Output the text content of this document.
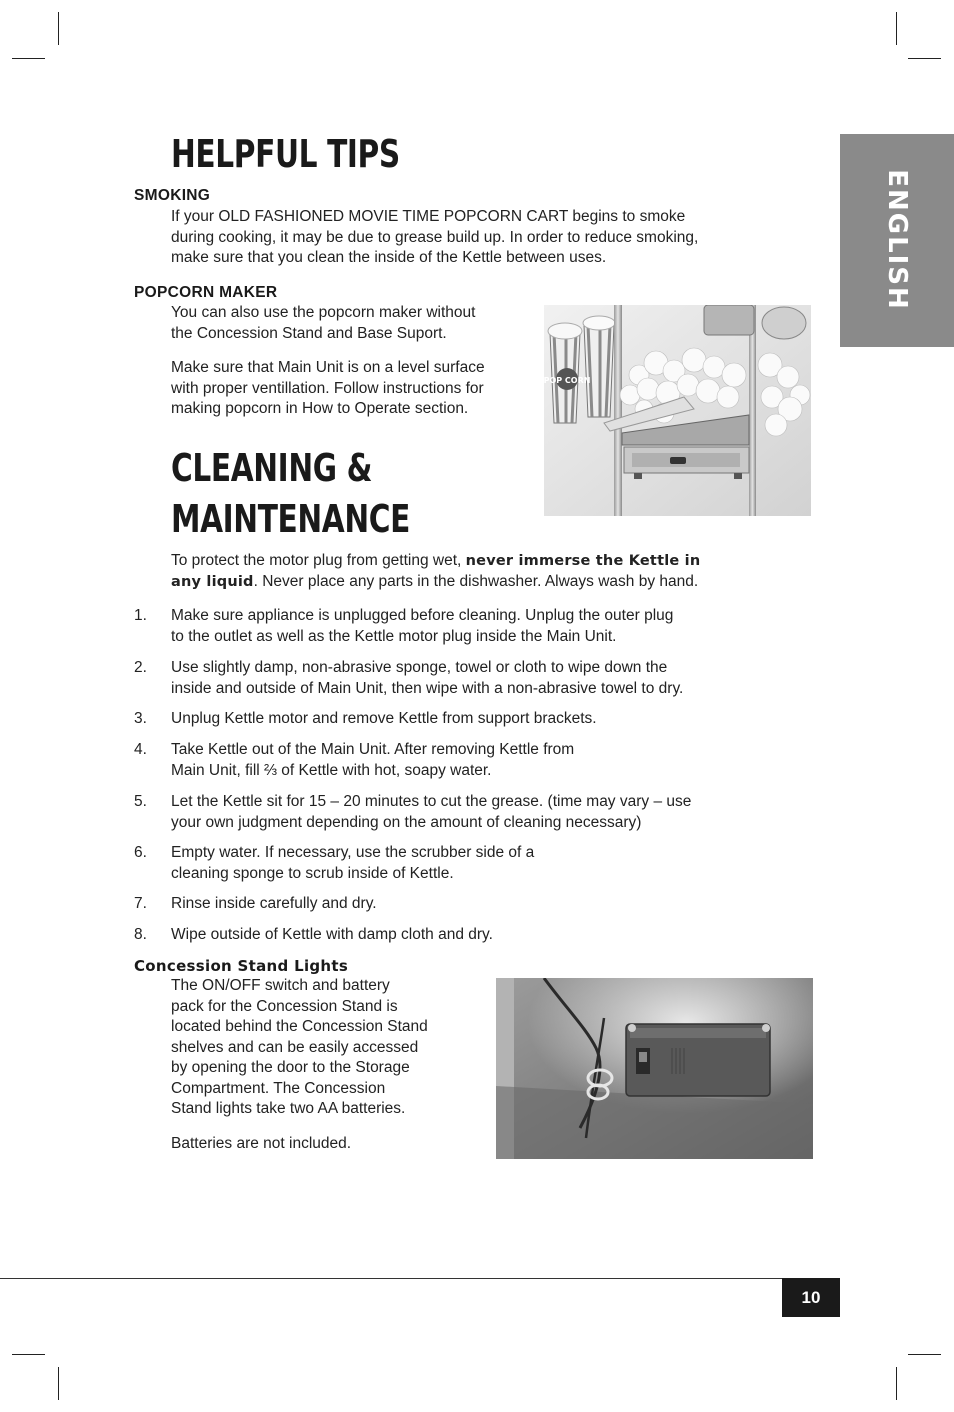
ENGLISH
HELPFUL TIPS
SMOKING
If your OLD FASHIONED MOVIE TIME POPCORN CART begins to smoke
during cooking, it may be due to grease build up. In order to reduce smoking,
make sure that you clean the inside of the Kettle between uses.
POPCORN MAKER
You can also use the popcorn maker without
the Concession Stand and Base Suport.
Make sure that Main Unit is on a level surface
with proper ventillation. Follow instructions for
making popcorn in How to Operate section.
POP CORN
CLEANING &
MAINTENANCE
To protect the motor plug from getting wet, never immerse the Kettle in
any liquid. Never place any parts in the dishwasher. Always wash by hand.
1. Make sure appliance is unplugged before cleaning. Unplug the outer plug
to the outlet as well as the Kettle motor plug inside the Main Unit.
2. Use slightly damp, non-abrasive sponge, towel or cloth to wipe down the
inside and outside of Main Unit, then wipe with a non-abrasive towel to dry.
3. Unplug Kettle motor and remove Kettle from support brackets.
4. Take Kettle out of the Main Unit. After removing Kettle from
Main Unit, fill ⅔ of Kettle with hot, soapy water.
5. Let the Kettle sit for 15 – 20 minutes to cut the grease. (time may vary – use
your own judgment depending on the amount of cleaning necessary)
6. Empty water. If necessary, use the scrubber side of a
cleaning sponge to scrub inside of Kettle.
7. Rinse inside carefully and dry.
8. Wipe outside of Kettle with damp cloth and dry.
Concession Stand Lights
The ON/OFF switch and battery
pack for the Concession Stand is
located behind the Concession Stand
shelves and can be easily accessed
by opening the door to the Storage
Compartment. The Concession
Stand lights take two AA batteries.
Batteries are not included.
10
